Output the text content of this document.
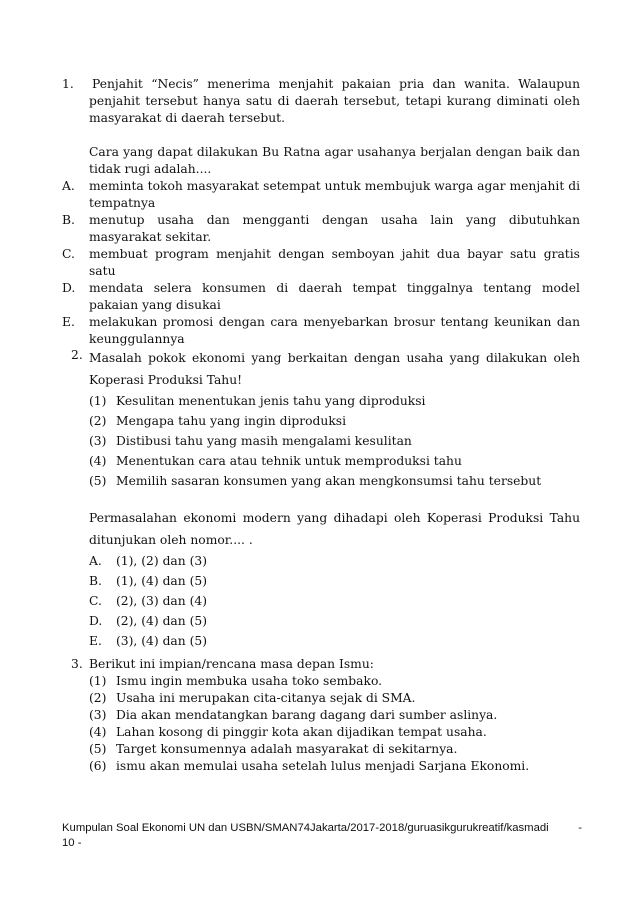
1. Penjahit “Necis” menerima menjahit pakaian pria dan wanita. Walaupun penjahit tersebut hanya satu di daerah tersebut, tetapi kurang diminati oleh masyarakat di daerah tersebut.
Cara yang dapat dilakukan Bu Ratna agar usahanya berjalan dengan baik dan tidak rugi adalah....
A.	meminta tokoh masyarakat setempat untuk membujuk warga agar menjahit di tempatnya
B.	menutup usaha dan mengganti dengan usaha lain yang dibutuhkan masyarakat sekitar.
C.	membuat program menjahit dengan semboyan jahit dua bayar satu gratis satu
D.	mendata selera konsumen di daerah tempat tinggalnya tentang model pakaian yang disukai
E.	melakukan promosi dengan cara menyebarkan brosur tentang keunikan dan keunggulannya
2. Masalah pokok ekonomi yang berkaitan dengan usaha yang dilakukan oleh Koperasi Produksi Tahu!
(1) Kesulitan menentukan jenis tahu yang diproduksi
(2) Mengapa tahu yang ingin diproduksi
(3) Distibusi tahu yang masih mengalami kesulitan
(4) Menentukan cara atau tehnik untuk memproduksi tahu
(5) Memilih sasaran konsumen yang akan mengkonsumsi tahu tersebut
Permasalahan ekonomi modern yang dihadapi oleh Koperasi Produksi Tahu ditunjukan oleh nomor.... .
A.	(1), (2) dan (3)
B.	(1), (4) dan (5)
C.	(2), (3) dan (4)
D.	(2), (4) dan (5)
E.	(3), (4) dan (5)
3. Berikut ini impian/rencana masa depan Ismu:
(1) Ismu ingin membuka usaha toko sembako.
(2) Usaha ini merupakan cita-citanya sejak di SMA.
(3) Dia akan mendatangkan barang dagang dari sumber aslinya.
(4) Lahan kosong di pinggir kota akan dijadikan tempat usaha.
(5) Target konsumennya adalah masyarakat di sekitarnya.
(6) ismu akan memulai usaha setelah lulus menjadi Sarjana Ekonomi.
Kumpulan Soal Ekonomi UN dan USBN/SMAN74Jakarta/2017-2018/guruasikgurukreatif/kasmadi	-
10 -
